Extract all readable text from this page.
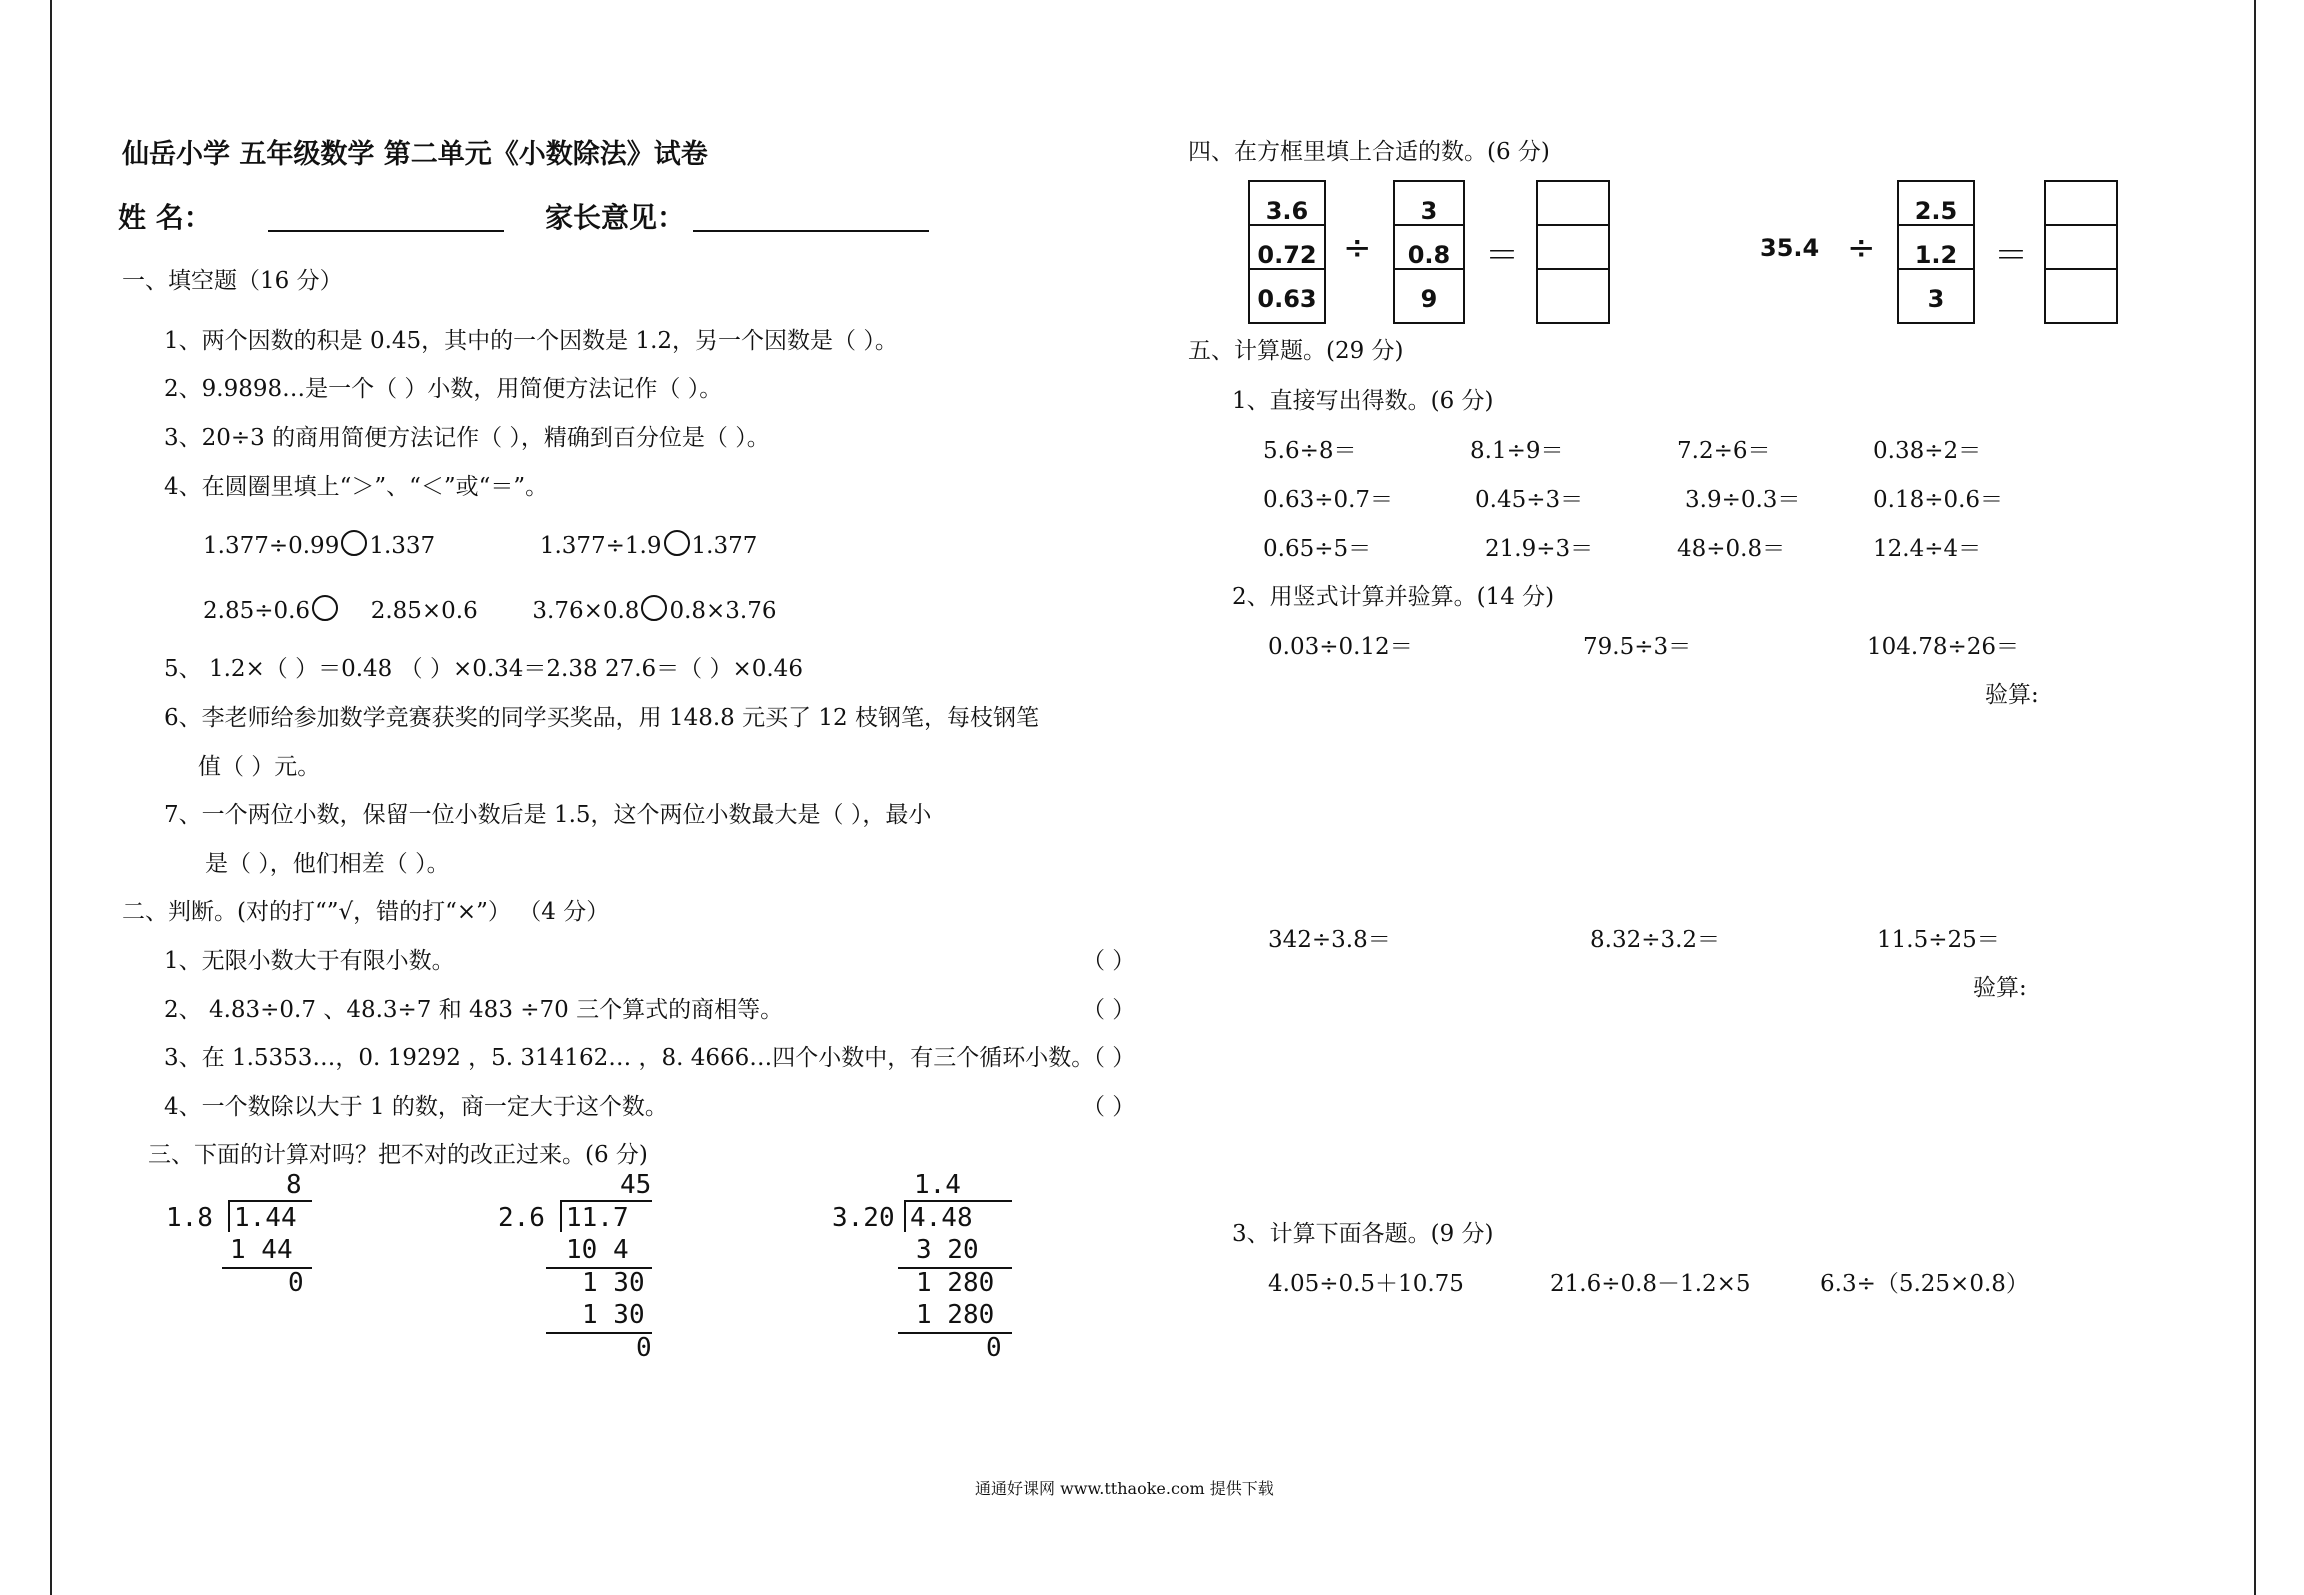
仙岳小学 五年级数学 第二单元《小数除法》试卷
姓 名：	家长意见：
一、填空题（16 分）
1、两个因数的积是 0.45，其中的一个因数是 1.2，另一个因数是（ ）。
2、9.9898…是一个（ ）小数，用简便方法记作（ ）。
3、20÷3 的商用简便方法记作（ ），精确到百分位是（ ）。
4、在圆圈里填上“＞”、“＜”或“＝”。
1.377÷0.99 1.337	1.377÷1.9 1.377
2.85÷0.6	2.85×0.6 3.76×0.8 0.8×3.76
5、 1.2×（ ）＝0.48 （ ）×0.34＝2.38 27.6＝（ ）×0.46
6、李老师给参加数学竞赛获奖的同学买奖品，用 148.8 元买了 12 枝钢笔，每枝钢笔
值（ ）元。
7、一个两位小数，保留一位小数后是 1.5，这个两位小数最大是（ ），最小
是（ ），他们相差（ ）。
二、判断。(对的打“”√，错的打“×”） （4 分）
1、无限小数大于有限小数。	（ ）
2、 4.83÷0.7 、48.3÷7 和 483 ÷70 三个算式的商相等。	（ ）
3、在 1.5353…，0. 19292 ，5. 314162… ，8. 4666…四个小数中，有三个循环小数。
（ ）
4、一个数除以大于 1 的数，商一定大于这个数。	（ ）
三、下面的计算对吗？把不对的改正过来。(6 分)
8
1.8 1.44
1 44
0
45
2.6 11.7
10 4
1 30
1 30
0
1.4
3.20 4.48
3 20
1 280
1 280
0
四、在方框里填上合适的数。(6 分)
3.6
0.72
0.63
÷
3
0.8
9
＝	35.4 ÷
2.5
1.2
3
＝
五、计算题。(29 分)
1、直接写出得数。(6 分)
5.6÷8＝	8.1÷9＝	7.2÷6＝	0.38÷2＝
0.63÷0.7＝	0.45÷3＝	3.9÷0.3＝	0.18÷0.6＝
0.65÷5＝	21.9÷3＝	48÷0.8＝	12.4÷4＝
2、用竖式计算并验算。(14 分)
0.03÷0.12＝	79.5÷3＝	104.78÷26＝
验算:
342÷3.8＝	8.32÷3.2＝	11.5÷25＝
验算:
3、计算下面各题。(9 分)
4.05÷0.5＋10.75	21.6÷0.8－1.2×5	6.3÷（5.25×0.8）
通通好课网 www.tthaoke.com 提供下载
